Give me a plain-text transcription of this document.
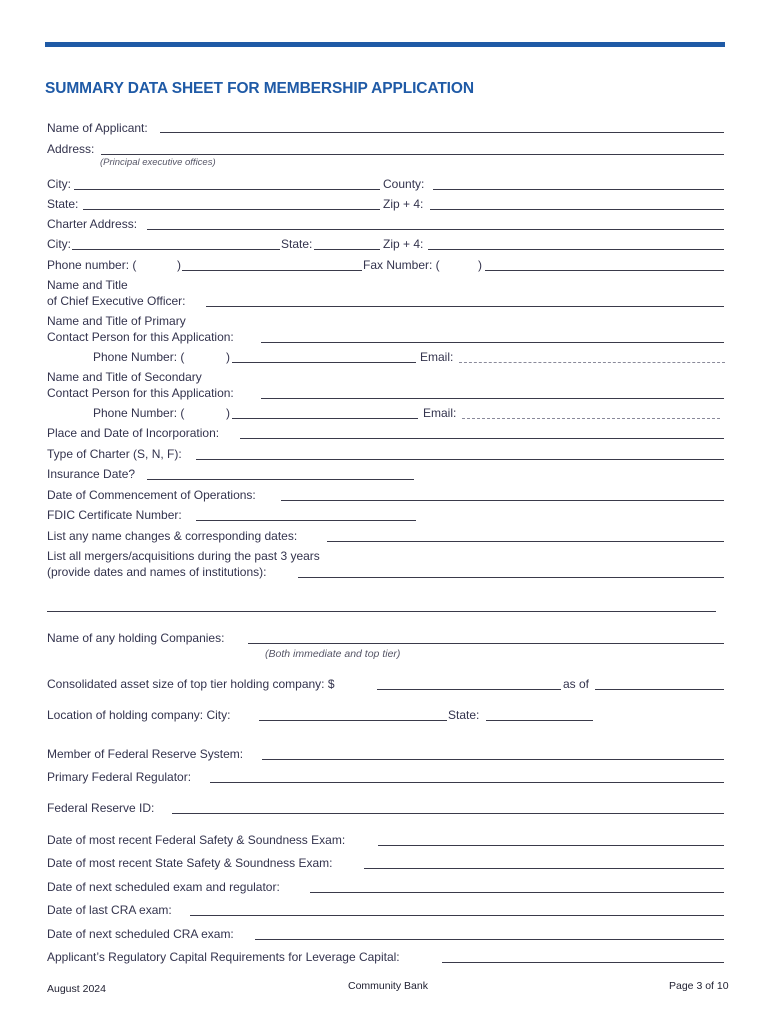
SUMMARY DATA SHEET FOR MEMBERSHIP APPLICATION
Name of Applicant:
Address:
(Principal executive offices)
City:	County:
State:	Zip + 4:
Charter Address:
City:	State:	Zip + 4:
Phone number: (	)	Fax Number: (	)
Name and Title
of Chief Executive Officer:
Name and Title of Primary
Contact Person for this Application:
Phone Number: (	)	Email:
Name and Title of Secondary
Contact Person for this Application:
Phone Number: (	)	Email:
Place and Date of Incorporation:
Type of Charter (S, N, F):
Insurance Date?
Date of Commencement of Operations:
FDIC Certificate Number:
List any name changes & corresponding dates:
List all mergers/acquisitions during the past 3 years
(provide dates and names of institutions):
Name of any holding Companies:
(Both immediate and top tier)
Consolidated asset size of top tier holding company: $	as of
Location of holding company: City:	State:
Member of Federal Reserve System:
Primary Federal Regulator:
Federal Reserve ID:
Date of most recent Federal Safety & Soundness Exam:
Date of most recent State Safety & Soundness Exam:
Date of next scheduled exam and regulator:
Date of last CRA exam:
Date of next scheduled CRA exam:
Applicant’s Regulatory Capital Requirements for Leverage Capital:
August 2024	Community Bank	Page 3 of 10
